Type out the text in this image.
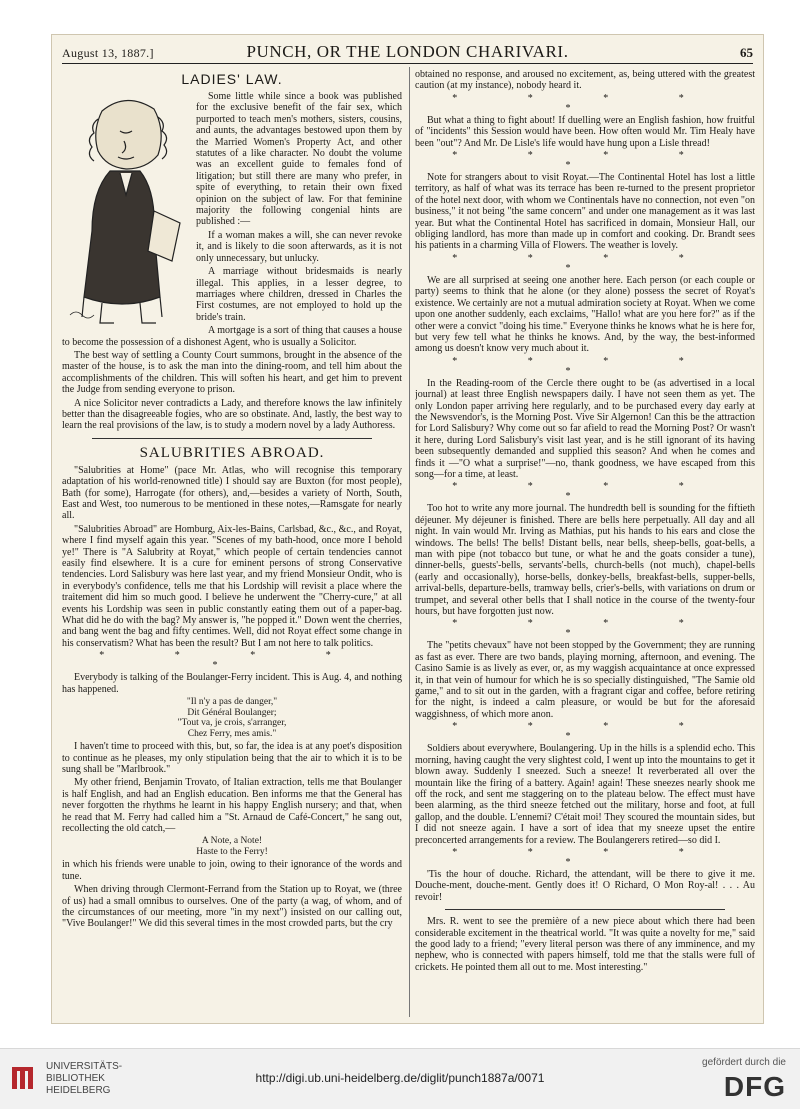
August 13, 1887.]	PUNCH, OR THE LONDON CHARIVARI.	65
LADIES' LAW.

Some little while since a book was published for the exclusive benefit of the fair sex, which purported to teach men's mothers, sisters, cousins, and aunts, the advantages bestowed upon them by the Married Women's Property Act, and other statutes of a like character. No doubt the volume was an excellent guide to females fond of litigation; but still there are many who prefer, in spite of everything, to retain their own fixed opinion on the subject of law. For that feminine majority the following congenial hints are published :—

If a woman makes a will, she can never revoke it, and is likely to die soon afterwards, as it is not only unnecessary, but unlucky.

A marriage without bridesmaids is nearly illegal. This applies, in a lesser degree, to marriages where children, dressed in Charles the First costumes, are not employed to hold up the bride's train.

A mortgage is a sort of thing that causes a house to become the possession of a dishonest Agent, who is usually a Solicitor.

The best way of settling a County Court summons, brought in the absence of the master of the house, is to ask the man into the dining-room, and tell him about the accomplishments of the children. This will soften his heart, and get him to prevent the Judge from sending everyone to prison.

A nice Solicitor never contradicts a Lady, and therefore knows the law infinitely better than the disagreeable fogies, who are so obstinate. And, lastly, the best way to learn the real provisions of the law, is to study a modern novel by a lady Authoress.

SALUBRITIES ABROAD.

"Salubrities at Home" (pace Mr. Atlas, who will recognise this temporary adaptation of his world-renowned title) I should say are Buxton (for most people), Bath (for some), Harrogate (for others), and,—besides a variety of North, South, East and West, too numerous to be mentioned in these notes,—Ramsgate for nearly all.

"Salubrities Abroad" are Homburg, Aix-les-Bains, Carlsbad, &c., &c., and Royat, where I find myself again this year. "Scenes of my bath-hood, once more I behold ye!" There is "A Salubrity at Royat," which people of certain tendencies cannot easily find elsewhere. It is a cure for eminent persons of strong Conservative tendencies. Lord Salisbury was here last year, and my friend Monsieur Ondit, who is in everybody's confidence, tells me that his Lordship will revisit a place where the traitement did him so much good. I believe he underwent the "Cherry-cure," at all events his Lordship was seen in public constantly eating them out of a paper-bag. What did he do with the bag? My answer is, "he popped it." Down went the cherries, and bang went the bag and fifty centimes. Well, did not Royat effect some change in his conservatism? What has been the result? But I am not here to talk politics.

* * * * *

Everybody is talking of the Boulanger-Ferry incident. This is Aug. 4, and nothing has happened.

"Il n'y a pas de danger,"
Dit Général Boulanger;
"Tout va, je crois, s'arranger,
Chez Ferry, mes amis."

I haven't time to proceed with this, but, so far, the idea is at any poet's disposition to continue as he pleases, my only stipulation being that the air to which it is to be sung shall be "Marlbrook."

My other friend, Benjamin Trovato, of Italian extraction, tells me that Boulanger is half English, and had an English education. Ben informs me that the General has never forgotten the rhythms he learnt in his happy English nursery; and that, when he read that M. Ferry had called him a "St. Arnaud de Café-Concert," he sang out, recollecting the old catch,—

A Note, a Note!
Haste to the Ferry!

in which his friends were unable to join, owing to their ignorance of the words and tune.

When driving through Clermont-Ferrand from the Station up to Royat, we (three of us) had a small omnibus to ourselves. One of the party (a wag, of whom, and of the circumstances of our meeting, more "in my next") insisted on our calling out, "Vive Boulanger!" We did this several times in the most crowded parts, but the cry

obtained no response, and aroused no excitement, as, being uttered with the greatest caution (at my instance), nobody heard it.

* * * * *

But what a thing to fight about! If duelling were an English fashion, how fruitful of "incidents" this Session would have been. How often would Mr. Tim Healy have been "out"? And Mr. De Lisle's life would have hung upon a Lisle thread!

* * * * *

Note for strangers about to visit Royat.—The Continental Hotel has lost a little territory, as half of what was its terrace has been re-turned to the present proprietor of the hotel next door, with whom we Continentals have no connection, not even "on business," it not being "the same concern" and under one management as it was last year. But what the Continental Hotel has sacrificed in domain, Monsieur Hall, our obliging landlord, has more than made up in comfort and cooking. Dr. Brandt sees his patients in a charming Villa of Flowers. The weather is lovely.

* * * * *

We are all surprised at seeing one another here. Each person (or each couple or party) seems to think that he alone (or they alone) possess the secret of Royat's existence. We certainly are not a mutual admiration society at Royat. When we come upon one another suddenly, each exclaims, "Hallo! what are you here for?" as if the other were a convict "doing his time." Everyone thinks he knows what he is here for, but very few tell what he thinks he knows. And, by the way, the best-informed among us doesn't know very much about it.

* * * * *

In the Reading-room of the Cercle there ought to be (as advertised in a local journal) at least three English newspapers daily. I have not seen them as yet. The only London paper arriving here regularly, and to be purchased every day early at the Newsvendor's, is the Morning Post. Vive Sir Algernon! Can this be the attraction for Lord Salisbury? Why come out so far afield to read the Morning Post? Or wasn't it here, during Lord Salisbury's visit last year, and is he still ignorant of its having been subsequently demanded and supplied this season? And when he comes and finds it —"O what a surprise!"—no, thank goodness, we have escaped from this song—for a time, at least.

* * * * *

Too hot to write any more journal. The hundredth bell is sounding for the fiftieth déjeuner. My déjeuner is finished. There are bells here perpetually. All day and all night. In vain would Mr. Irving as Mathias, put his hands to his ears and close the windows. The bells! The bells! Distant bells, near bells, sheep-bells, goat-bells, a man with pipe (not tobacco but tune, or what he and the goats consider a tune), dinner-bells, guests'-bells, servants'-bells, church-bells (not much), chapel-bells (early and occasionally), horse-bells, donkey-bells, breakfast-bells, supper-bells, arrival-bells, departure-bells, tramway bells, crier's-bells, with variations on drum or trumpet, and several other bells that I shall notice in the course of the twenty-four hours, but have forgotten just now.

* * * * *

The "petits chevaux" have not been stopped by the Government; they are running as fast as ever. There are two bands, playing morning, afternoon, and evening. The Casino Samie is as lively as ever, or, as my waggish acquaintance at once expressed it, in that vein of humour for which he is so specially distinguished, "The Samie old game," and to sit out in the garden, with a fragrant cigar and coffee, before retiring for the night, is indeed a calm pleasure, or would be but for the aforesaid waggishness, of which more anon.

* * * * *

Soldiers about everywhere, Boulangering. Up in the hills is a splendid echo. This morning, having caught the very slightest cold, I went up into the mountains to get it blown away. Suddenly I sneezed. Such a sneeze! It reverberated all over the mountain like the firing of a battery. Again! again! These sneezes nearly shook me off the rock, and sent me staggering on to the plateau below. The effect must have been alarming, as the third sneeze fetched out the military, horse and foot, at full gallop, and the double. L'ennemi? C'était moi! They scoured the mountain sides, but I did not sneeze again. I have a sort of idea that my sneeze upset the entire preconcerted arrangements for a review. The Boulangerers retired—so did I.

* * * * *

'Tis the hour of douche. Richard, the attendant, will be there to give it me. Douche-ment, douche-ment. Gently does it! O Richard, O Mon Roy-al! . . . Au revoir!

Mrs. R. went to see the première of a new piece about which there had been considerable excitement in the theatrical world. "It was quite a novelty for me," said the good lady to a friend; "every literal person was there of any imminence, and my nephew, who is connected with papers himself, told me that the stalls were full of crickets. He pointed them all out to me. Most interesting."

UNIVERSITÄTS-
BIBLIOTHEK
HEIDELBERG
http://digi.ub.uni-heidelberg.de/diglit/punch1887a/0071
gefördert durch die
DFG
